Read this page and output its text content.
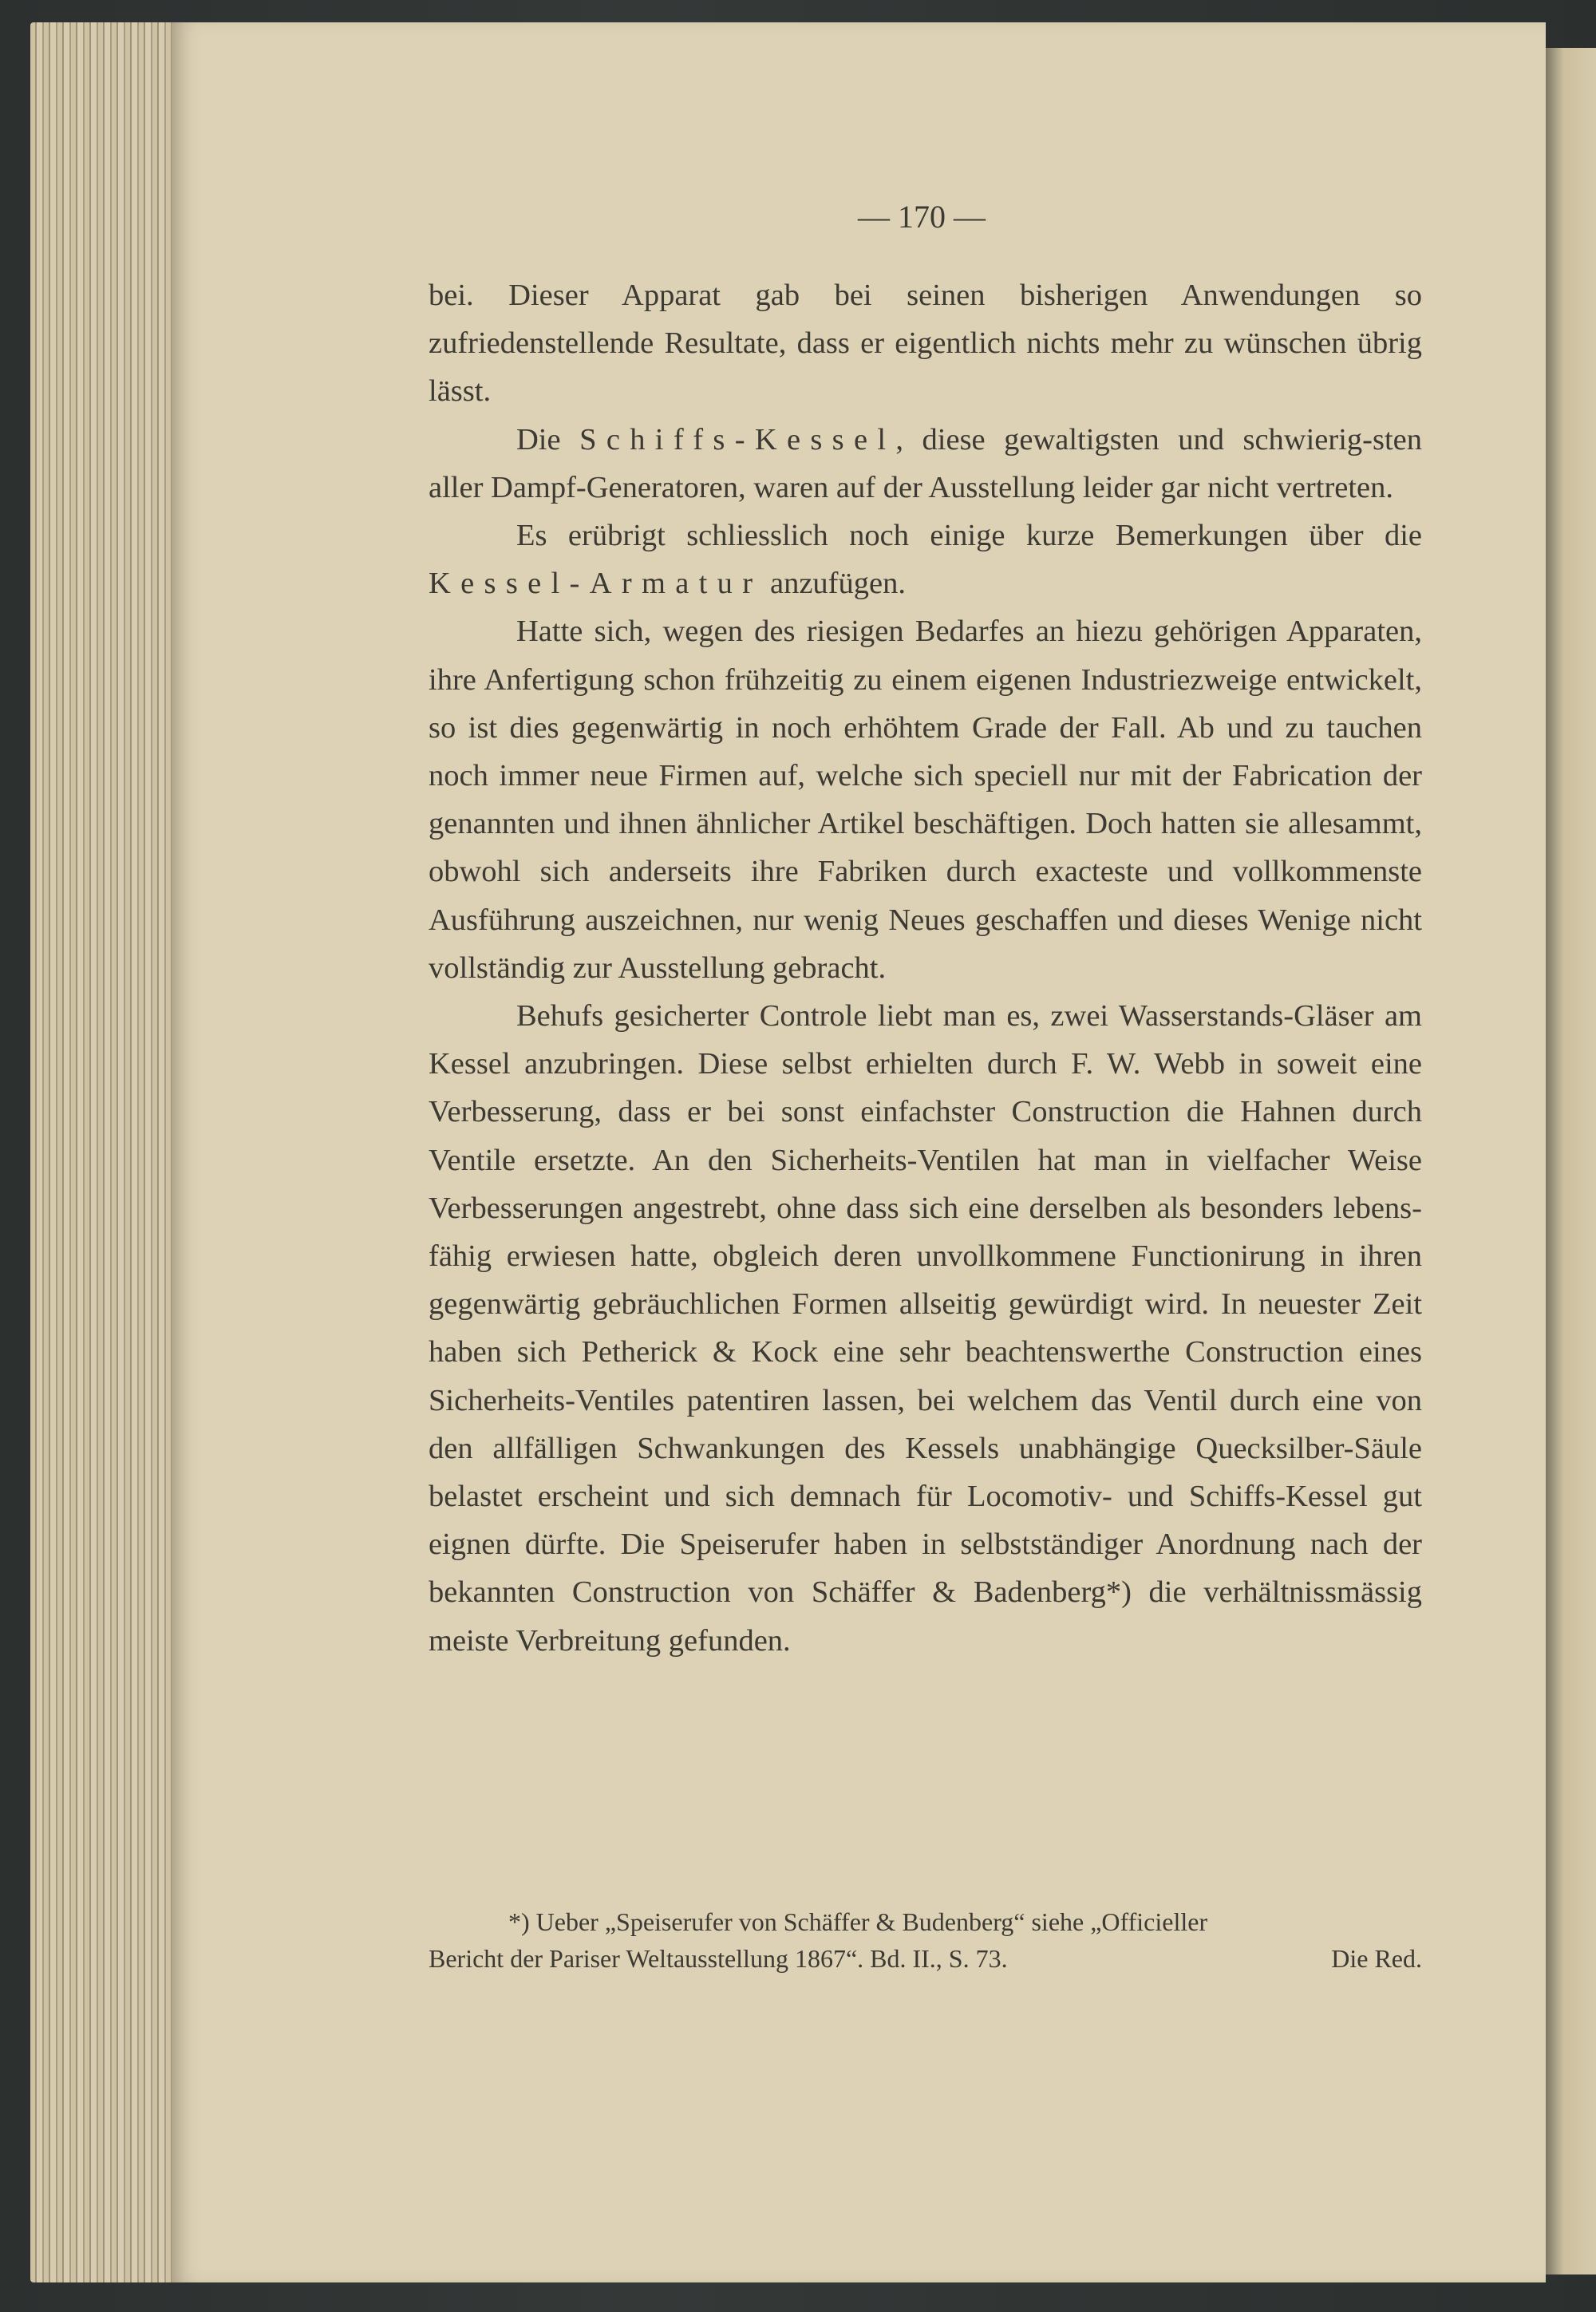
— 170 —

bei. Dieser Apparat gab bei seinen bisherigen Anwendungen so zufriedenstellende Resultate, dass er eigentlich nichts mehr zu wünschen übrig lässt.

Die Schiffs-Kessel, diese gewaltigsten und schwierig-sten aller Dampf-Generatoren, waren auf der Ausstellung leider gar nicht vertreten.

Es erübrigt schliesslich noch einige kurze Bemerkungen über die Kessel-Armatur anzufügen.

Hatte sich, wegen des riesigen Bedarfes an hiezu gehörigen Apparaten, ihre Anfertigung schon frühzeitig zu einem eigenen Industriezweige entwickelt, so ist dies gegenwärtig in noch erhöhtem Grade der Fall. Ab und zu tauchen noch immer neue Firmen auf, welche sich speciell nur mit der Fabrication der genannten und ihnen ähnlicher Artikel beschäftigen. Doch hatten sie allesammt, obwohl sich anderseits ihre Fabriken durch exacteste und vollkommenste Ausführung auszeichnen, nur wenig Neues geschaffen und dieses Wenige nicht vollständig zur Ausstellung gebracht.

Behufs gesicherter Controle liebt man es, zwei Wasserstands-Gläser am Kessel anzubringen. Diese selbst erhielten durch F. W. Webb in soweit eine Verbesserung, dass er bei sonst einfachster Construction die Hahnen durch Ventile ersetzte. An den Sicherheits-Ventilen hat man in vielfacher Weise Verbesserungen angestrebt, ohne dass sich eine derselben als besonders lebensfähig erwiesen hatte, obgleich deren unvollkommene Functionirung in ihren gegenwärtig gebräuchlichen Formen allseitig gewürdigt wird. In neuester Zeit haben sich Petherick & Kock eine sehr beachtenswerthe Construction eines Sicherheits-Ventiles patentiren lassen, bei welchem das Ventil durch eine von den allfälligen Schwankungen des Kessels unabhängige Quecksilber-Säule belastet erscheint und sich demnach für Locomotiv- und Schiffs-Kessel gut eignen dürfte. Die Speiserufer haben in selbstständiger Anordnung nach der bekannten Construction von Schäffer & Badenberg*) die verhältnissmässig meiste Verbreitung gefunden.

*) Ueber „Speiserufer von Schäffer & Budenberg“ siehe „Officieller

Bericht der Pariser Weltausstellung 1867“. Bd. II., S. 73.	Die Red.
